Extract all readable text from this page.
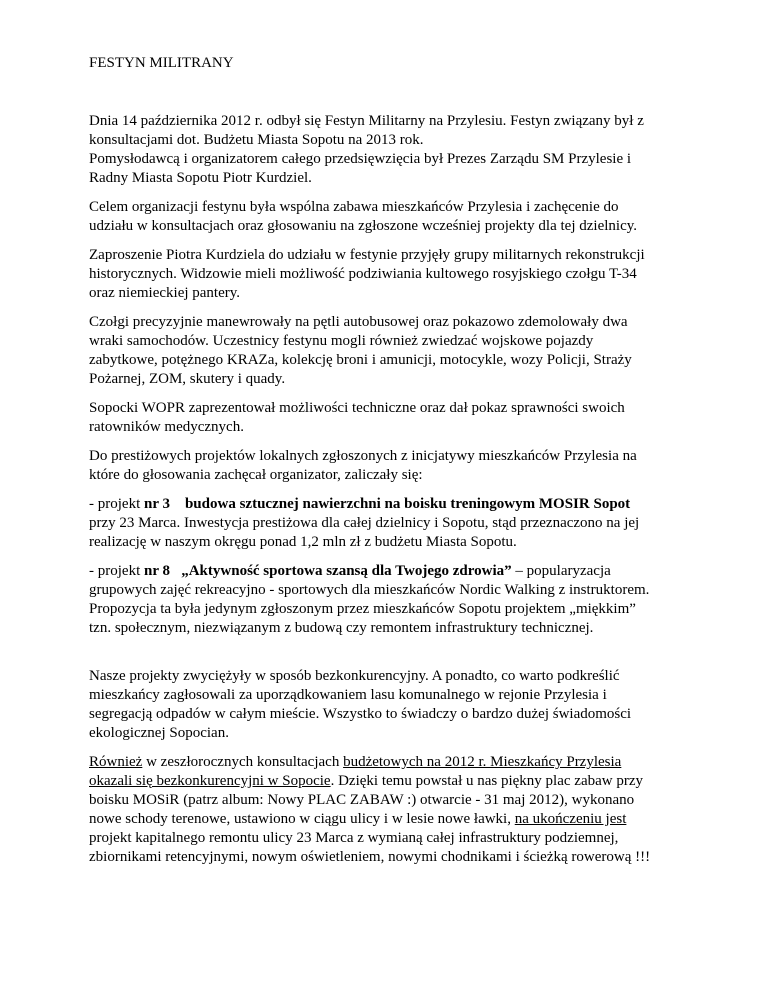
FESTYN MILITRANY

Dnia 14 października 2012 r. odbył się Festyn Militarny na Przylesiu. Festyn związany był z
konsultacjami dot. Budżetu Miasta Sopotu na 2013 rok.
Pomysłodawcą i organizatorem całego przedsięwzięcia był Prezes Zarządu SM Przylesie i
Radny Miasta Sopotu Piotr Kurdziel.

Celem organizacji festynu była wspólna zabawa mieszkańców Przylesia i zachęcenie do
udziału w konsultacjach oraz głosowaniu na zgłoszone wcześniej projekty dla tej dzielnicy.

Zaproszenie Piotra Kurdziela do udziału w festynie przyjęły grupy militarnych rekonstrukcji
historycznych. Widzowie mieli możliwość podziwiania kultowego rosyjskiego czołgu T-34
oraz niemieckiej pantery.

Czołgi precyzyjnie manewrowały na pętli autobusowej oraz pokazowo zdemolowały dwa
wraki samochodów. Uczestnicy festynu mogli również zwiedzać wojskowe pojazdy
zabytkowe, potężnego KRAZa, kolekcję broni i amunicji, motocykle, wozy Policji, Straży
Pożarnej, ZOM, skutery i quady.

Sopocki WOPR zaprezentował możliwości techniczne oraz dał pokaz sprawności swoich
ratowników medycznych.

Do prestiżowych projektów lokalnych zgłoszonych z inicjatywy mieszkańców Przylesia na
które do głosowania zachęcał organizator, zaliczały się:

- projekt nr 3 budowa sztucznej nawierzchni na boisku treningowym MOSIR Sopot
przy 23 Marca. Inwestycja prestiżowa dla całej dzielnicy i Sopotu, stąd przeznaczono na jej
realizację w naszym okręgu ponad 1,2 mln zł z budżetu Miasta Sopotu.

- projekt nr 8 „Aktywność sportowa szansą dla Twojego zdrowia” – popularyzacja
grupowych zajęć rekreacyjno - sportowych dla mieszkańców Nordic Walking z instruktorem.
Propozycja ta była jedynym zgłoszonym przez mieszkańców Sopotu projektem „miękkim”
tzn. społecznym, niezwiązanym z budową czy remontem infrastruktury technicznej.

Nasze projekty zwyciężyły w sposób bezkonkurencyjny. A ponadto, co warto podkreślić
mieszkańcy zagłosowali za uporządkowaniem lasu komunalnego w rejonie Przylesia i
segregacją odpadów w całym mieście. Wszystko to świadczy o bardzo dużej świadomości
ekologicznej Sopocian.

Również w zeszłorocznych konsultacjach budżetowych na 2012 r. Mieszkańcy Przylesia
okazali się bezkonkurencyjni w Sopocie. Dzięki temu powstał u nas piękny plac zabaw przy
boisku MOSiR (patrz album: Nowy PLAC ZABAW :) otwarcie - 31 maj 2012), wykonano
nowe schody terenowe, ustawiono w ciągu ulicy i w lesie nowe ławki, na ukończeniu jest
projekt kapitalnego remontu ulicy 23 Marca z wymianą całej infrastruktury podziemnej,
zbiornikami retencyjnymi, nowym oświetleniem, nowymi chodnikami i ścieżką rowerową !!!
